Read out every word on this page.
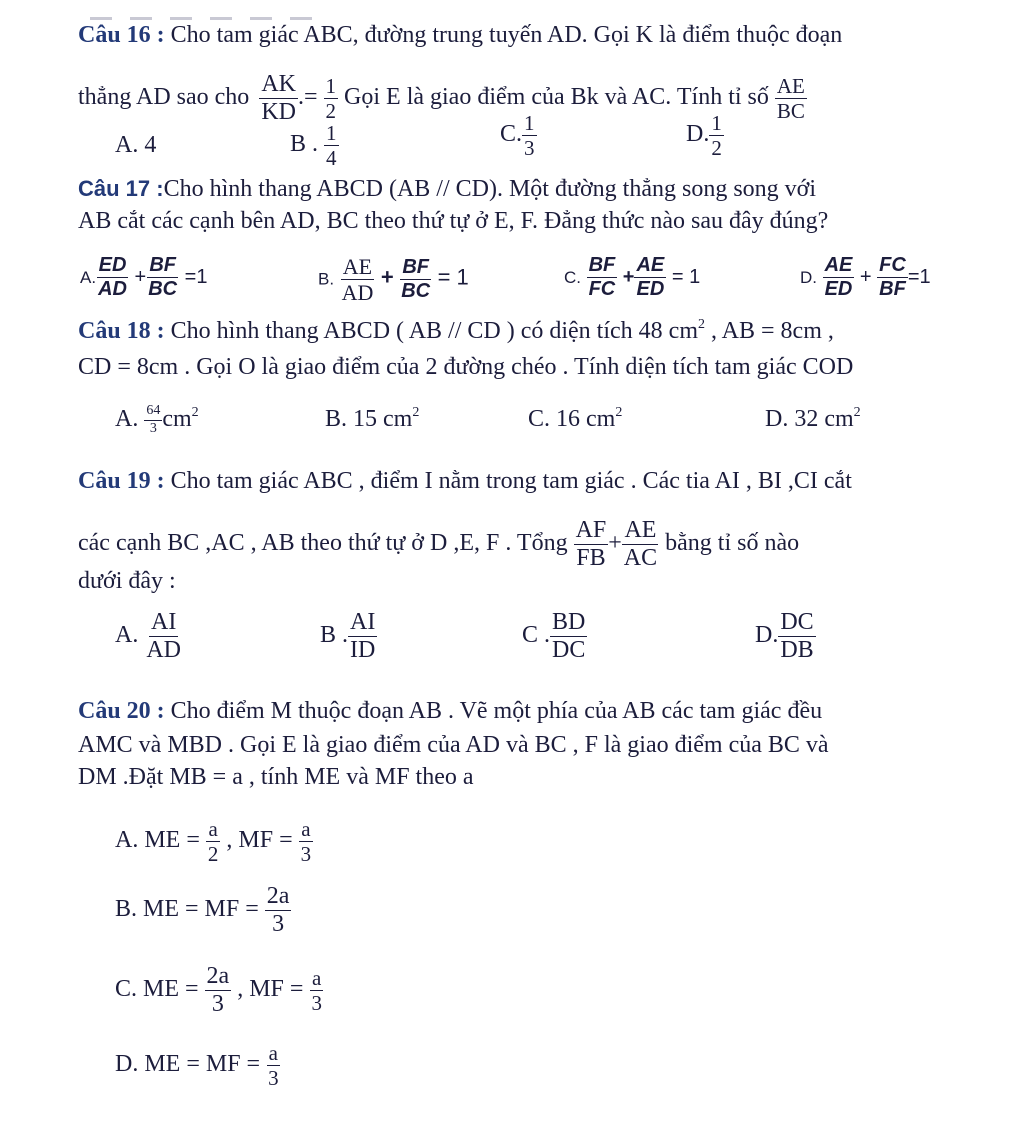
Câu 16 : Cho tam giác ABC, đường trung tuyến AD. Gọi K là điểm thuộc đoạn
thẳng AD sao cho $\frac{AK}{KD}$ .= $\frac{1}{2}$ Gọi E là giao điểm của Bk và AC. Tính tỉ số $\frac{AE}{BC}$
A. 4	B . $\frac{1}{4}$	C. $\frac{1}{3}$	D. $\frac{1}{2}$
Câu 17 :Cho hình thang ABCD (AB // CD). Một đường thẳng song song với
AB cắt các cạnh bên AD, BC theo thứ tự ở E, F. Đẳng thức nào sau đây đúng?
A. $\frac{ED}{AD} + \frac{BF}{BC} =1$	B. $\frac{AE}{AD} + \frac{BF}{BC} = 1$	C. $\frac{BF}{FC} + \frac{AE}{ED} = 1$	D. $\frac{AE}{ED} + \frac{FC}{BF} =1$
Câu 18 : Cho hình thang ABCD ( AB // CD ) có diện tích 48 $cm^2$ , AB = 8cm ,
CD = 8cm . Gọi O là giao điểm của 2 đường chéo . Tính diện tích tam giác COD
A. $\frac{64}{3} cm^2$	B. 15 $cm^2$	C. 16 $cm^2$	D. 32 $cm^2$
Câu 19 : Cho tam giác ABC , điểm I nằm trong tam giác . Các tia AI , BI ,CI cắt
các cạnh BC ,AC , AB theo thứ tự ở D ,E, F . Tổng $\frac{AF}{FB} + \frac{AE}{AC}$ bằng tỉ số nào
dưới đây :
A. $\frac{AI}{AD}$	B . $\frac{AI}{ID}$	C . $\frac{BD}{DC}$	D. $\frac{DC}{DB}$
Câu 20 : Cho điểm M thuộc đoạn AB . Vẽ một phía của AB các tam giác đều
AMC và MBD . Gọi E là giao điểm của AD và BC , F là giao điểm của BC và
DM .Đặt MB = a , tính ME và MF theo a
A. ME = $\frac{a}{2}$ , MF = $\frac{a}{3}$
B. ME = MF = $\frac{2a}{3}$
C. ME = $\frac{2a}{3}$ , MF = $\frac{a}{3}$
D. ME = MF = $\frac{a}{3}$
